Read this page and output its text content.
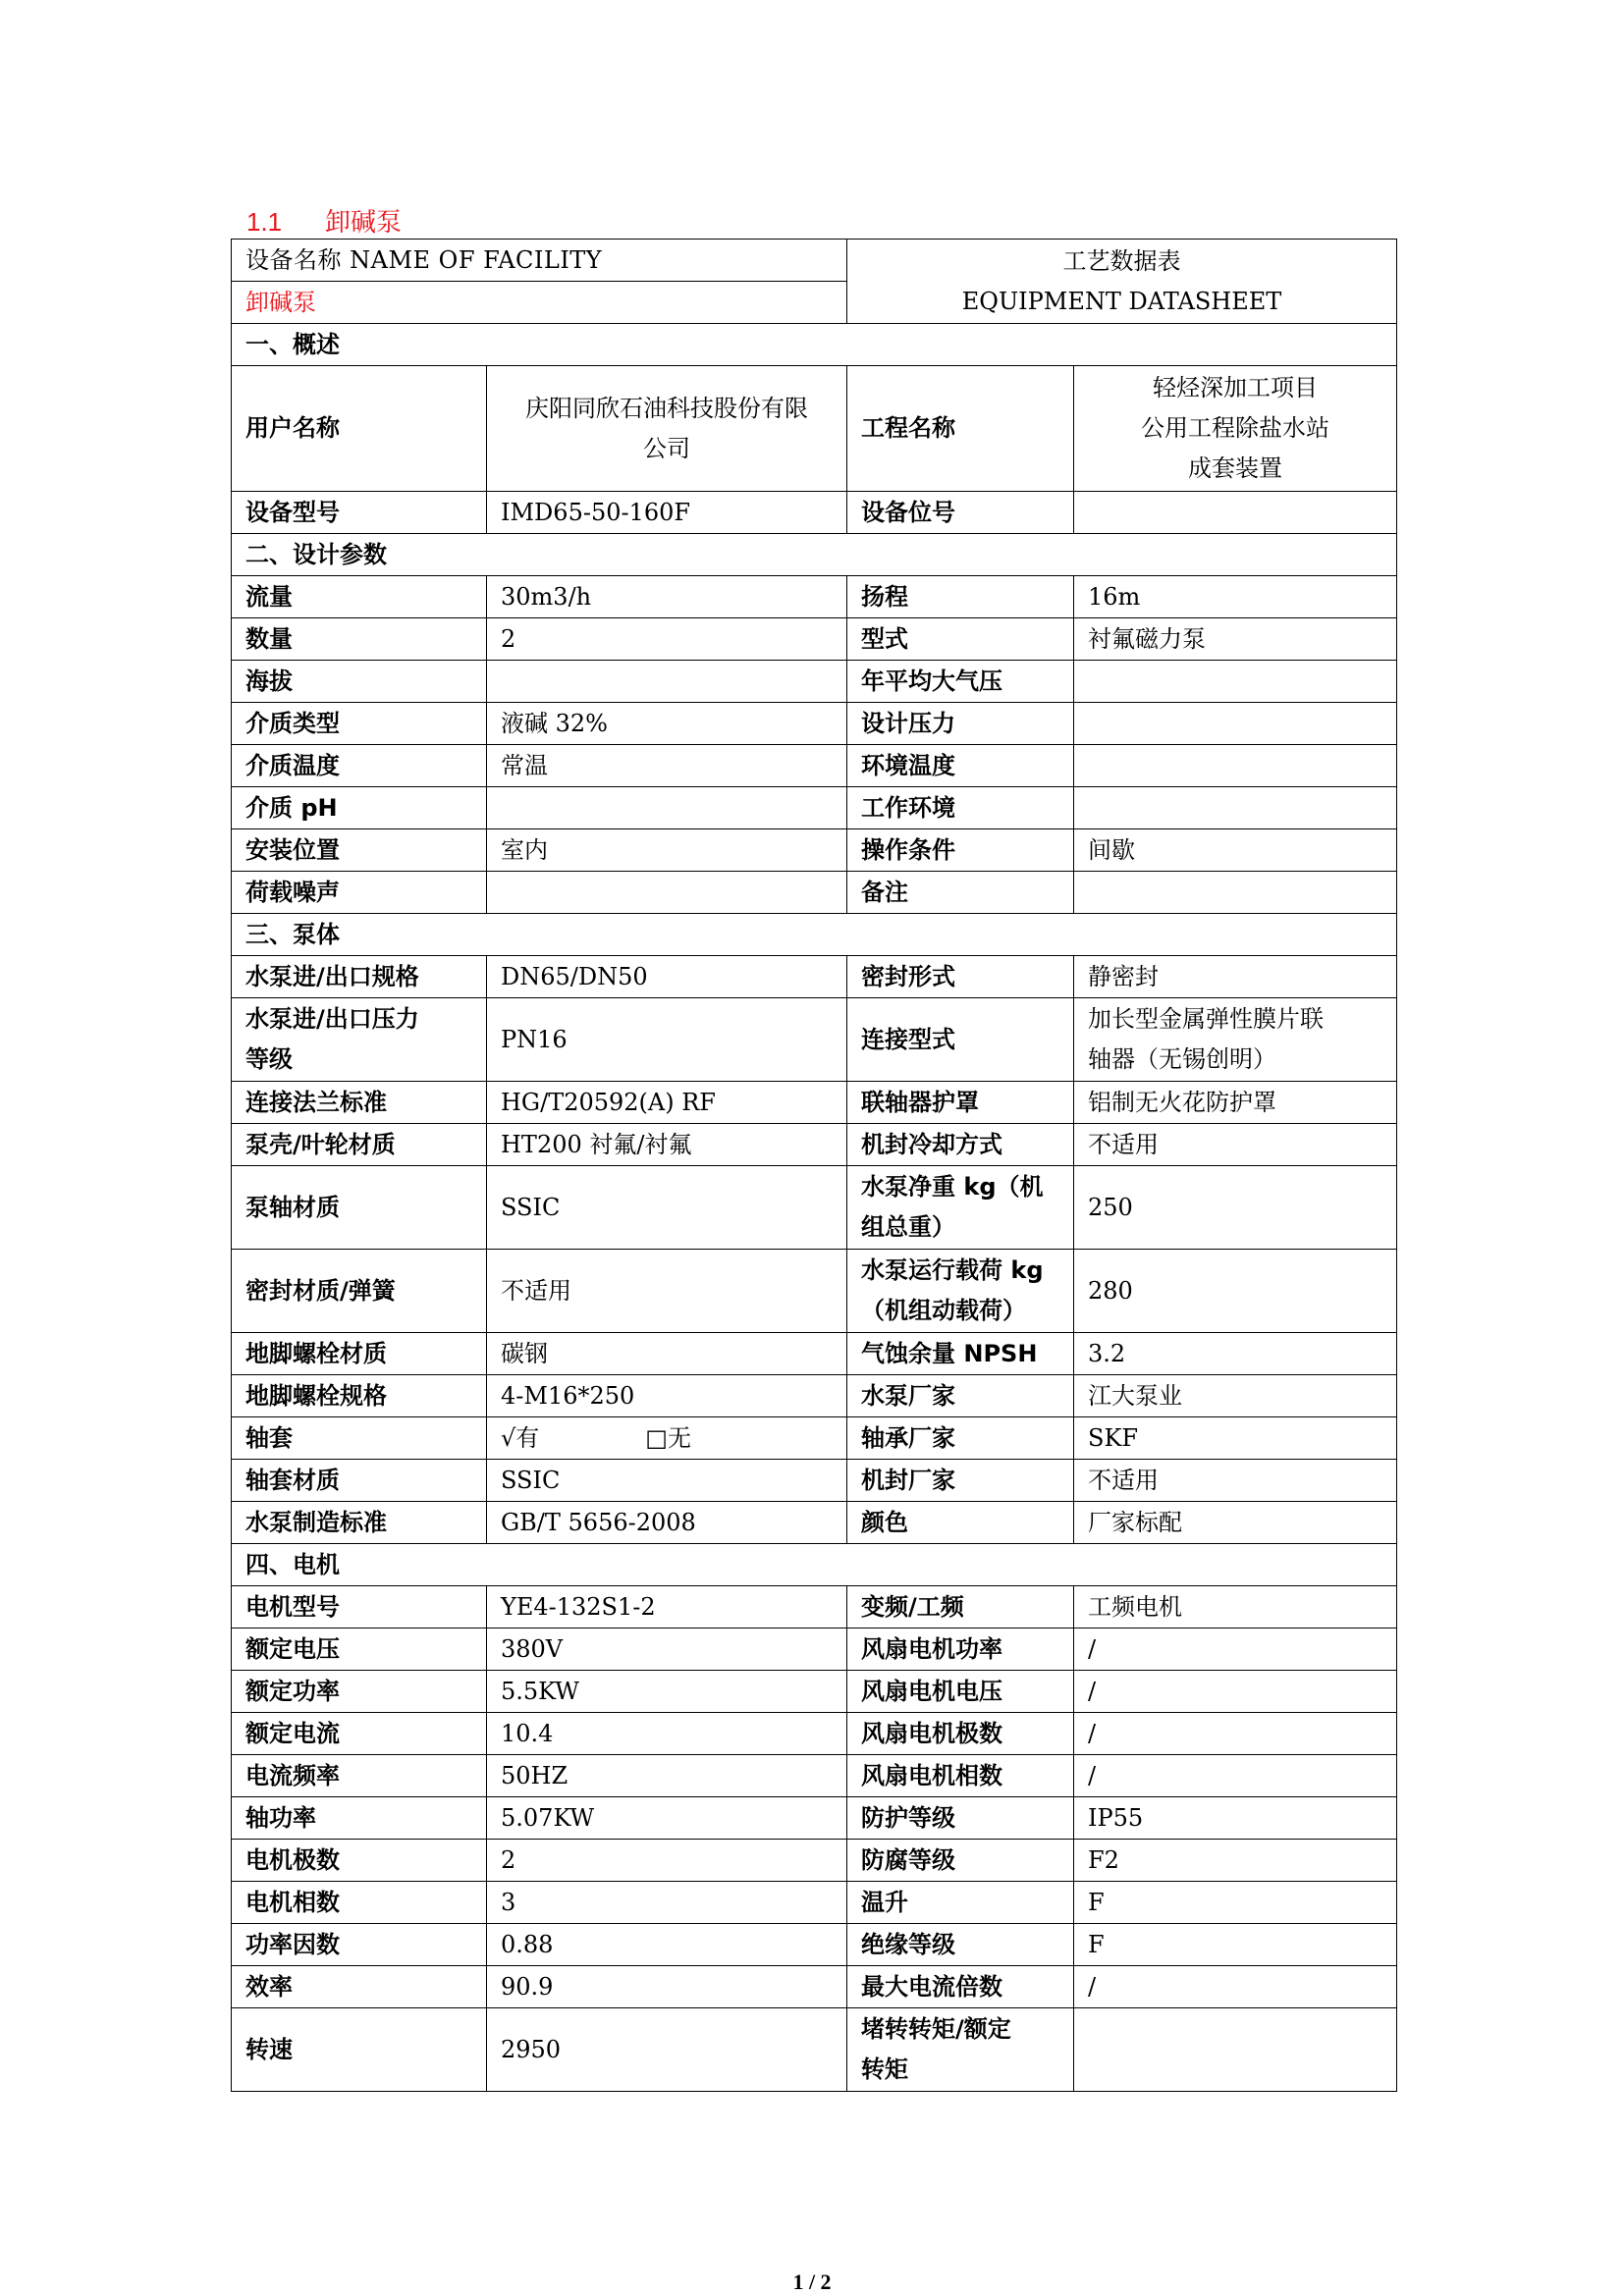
1.1 卸碱泵
设备名称 NAME OF FACILITY		工艺数据表
EQUIPMENT DATASHEET	

卸碱泵			
一、概述			
用户名称	庆阳同欣石油科技股份有限
公司	工程名称	轻烃深加工项目
公用工程除盐水站
成套装置

设备型号	IMD65-50-160F	设备位号	
二、设计参数			
流量	30m3/h	扬程	16m
数量	2	型式	衬氟磁力泵
海拔		年平均大气压	
介质类型	液碱 32%	设计压力	
介质温度	常温	环境温度	
介质 pH		工作环境	
安装位置	室内	操作条件	间歇
荷载噪声		备注	
三、泵体			
水泵进/出口规格	DN65/DN50	密封形式	静密封

水泵进/出口压力
等级	PN16	连接型式	加长型金属弹性膜片联
轴器（无锡创明）

连接法兰标准	HG/T20592(A) RF	联轴器护罩	铝制无火花防护罩
泵壳/叶轮材质	HT200 衬氟/衬氟	机封冷却方式	不适用
泵轴材质	SSIC	水泵净重 kg（机
组总重）	250
密封材质/弹簧	不适用	水泵运行载荷 kg
（机组动载荷）	280
地脚螺栓材质	碳钢	气蚀余量 NPSH	3.2
地脚螺栓规格	4-M16*250	水泵厂家	江大泵业
轴套	√有 □无	轴承厂家	SKF
轴套材质	SSIC	机封厂家	不适用
水泵制造标准	GB/T 5656-2008	颜色	厂家标配
四、电机			
电机型号	YE4-132S1-2	变频/工频	工频电机
额定电压	380V	风扇电机功率	/
额定功率	5.5KW	风扇电机电压	/
额定电流	10.4	风扇电机极数	/
电流频率	50HZ	风扇电机相数	/
轴功率	5.07KW	防护等级	IP55
电机极数	2	防腐等级	F2
电机相数	3	温升	F
功率因数	0.88	绝缘等级	F
效率	90.9	最大电流倍数	/
转速	2950	堵转转矩/额定
转矩	

1 / 2
